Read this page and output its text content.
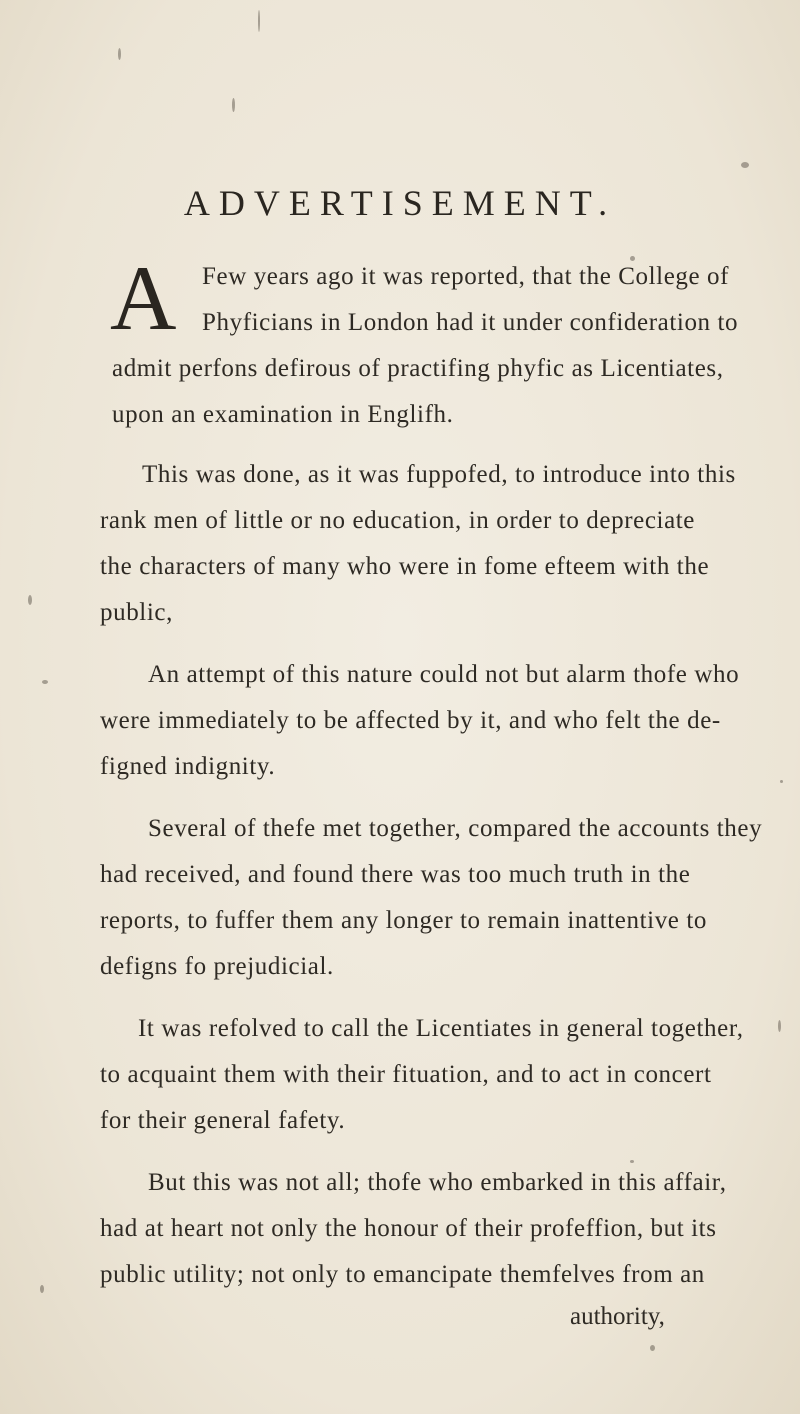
ADVERTISEMENT.
A Few years ago it was reported, that the College of
Phyficians in London had it under confideration to
admit perfons defirous of practifing phyfic as Licentiates,
upon an examination in Englifh.
This was done, as it was fuppofed, to introduce into this
rank men of little or no education, in order to depreciate
the characters of many who were in fome efteem with the
public,
An attempt of this nature could not but alarm thofe who
were immediately to be affected by it, and who felt the de-
figned indignity.
Several of thefe met together, compared the accounts they
had received, and found there was too much truth in the
reports, to fuffer them any longer to remain inattentive to
defigns fo prejudicial.
It was refolved to call the Licentiates in general together,
to acquaint them with their fituation, and to act in concert
for their general fafety.
But this was not all; thofe who embarked in this affair,
had at heart not only the honour of their profeffion, but its
public utility; not only to emancipate themfelves from an
authority,
